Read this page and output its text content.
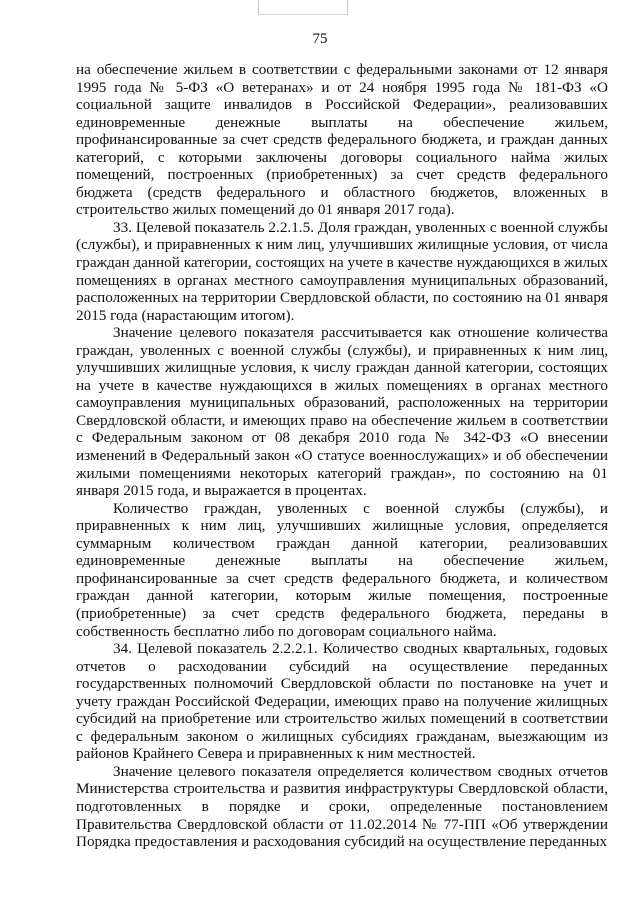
75

на обеспечение жильем в соответствии с федеральными законами от 12 января 1995 года № 5-ФЗ «О ветеранах» и от 24 ноября 1995 года № 181-ФЗ «О социальной защите инвалидов в Российской Федерации», реализовавших единовременные денежные выплаты на обеспечение жильем, профинансированные за счет средств федерального бюджета, и граждан данных категорий, с которыми заключены договоры социального найма жилых помещений, построенных (приобретенных) за счет средств федерального бюджета (средств федерального и областного бюджетов, вложенных в строительство жилых помещений до 01 января 2017 года).

33. Целевой показатель 2.2.1.5. Доля граждан, уволенных с военной службы (службы), и приравненных к ним лиц, улучшивших жилищные условия, от числа граждан данной категории, состоящих на учете в качестве нуждающихся в жилых помещениях в органах местного самоуправления муниципальных образований, расположенных на территории Свердловской области, по состоянию на 01 января 2015 года (нарастающим итогом).

Значение целевого показателя рассчитывается как отношение количества граждан, уволенных с военной службы (службы), и приравненных к ним лиц, улучшивших жилищные условия, к числу граждан данной категории, состоящих на учете в качестве нуждающихся в жилых помещениях в органах местного самоуправления муниципальных образований, расположенных на территории Свердловской области, и имеющих право на обеспечение жильем в соответствии с Федеральным законом от 08 декабря 2010 года № 342-ФЗ «О внесении изменений в Федеральный закон «О статусе военнослужащих» и об обеспечении жилыми помещениями некоторых категорий граждан», по состоянию на 01 января 2015 года, и выражается в процентах.

Количество граждан, уволенных с военной службы (службы), и приравненных к ним лиц, улучшивших жилищные условия, определяется суммарным количеством граждан данной категории, реализовавших единовременные денежные выплаты на обеспечение жильем, профинансированные за счет средств федерального бюджета, и количеством граждан данной категории, которым жилые помещения, построенные (приобретенные) за счет средств федерального бюджета, переданы в собственность бесплатно либо по договорам социального найма.

34. Целевой показатель 2.2.2.1. Количество сводных квартальных, годовых отчетов о расходовании субсидий на осуществление переданных государственных полномочий Свердловской области по постановке на учет и учету граждан Российской Федерации, имеющих право на получение жилищных субсидий на приобретение или строительство жилых помещений в соответствии с федеральным законом о жилищных субсидиях гражданам, выезжающим из районов Крайнего Севера и приравненных к ним местностей.

Значение целевого показателя определяется количеством сводных отчетов Министерства строительства и развития инфраструктуры Свердловской области, подготовленных в порядке и сроки, определенные постановлением Правительства Свердловской области от 11.02.2014 № 77-ПП «Об утверждении Порядка предоставления и расходования субсидий на осуществление переданных
